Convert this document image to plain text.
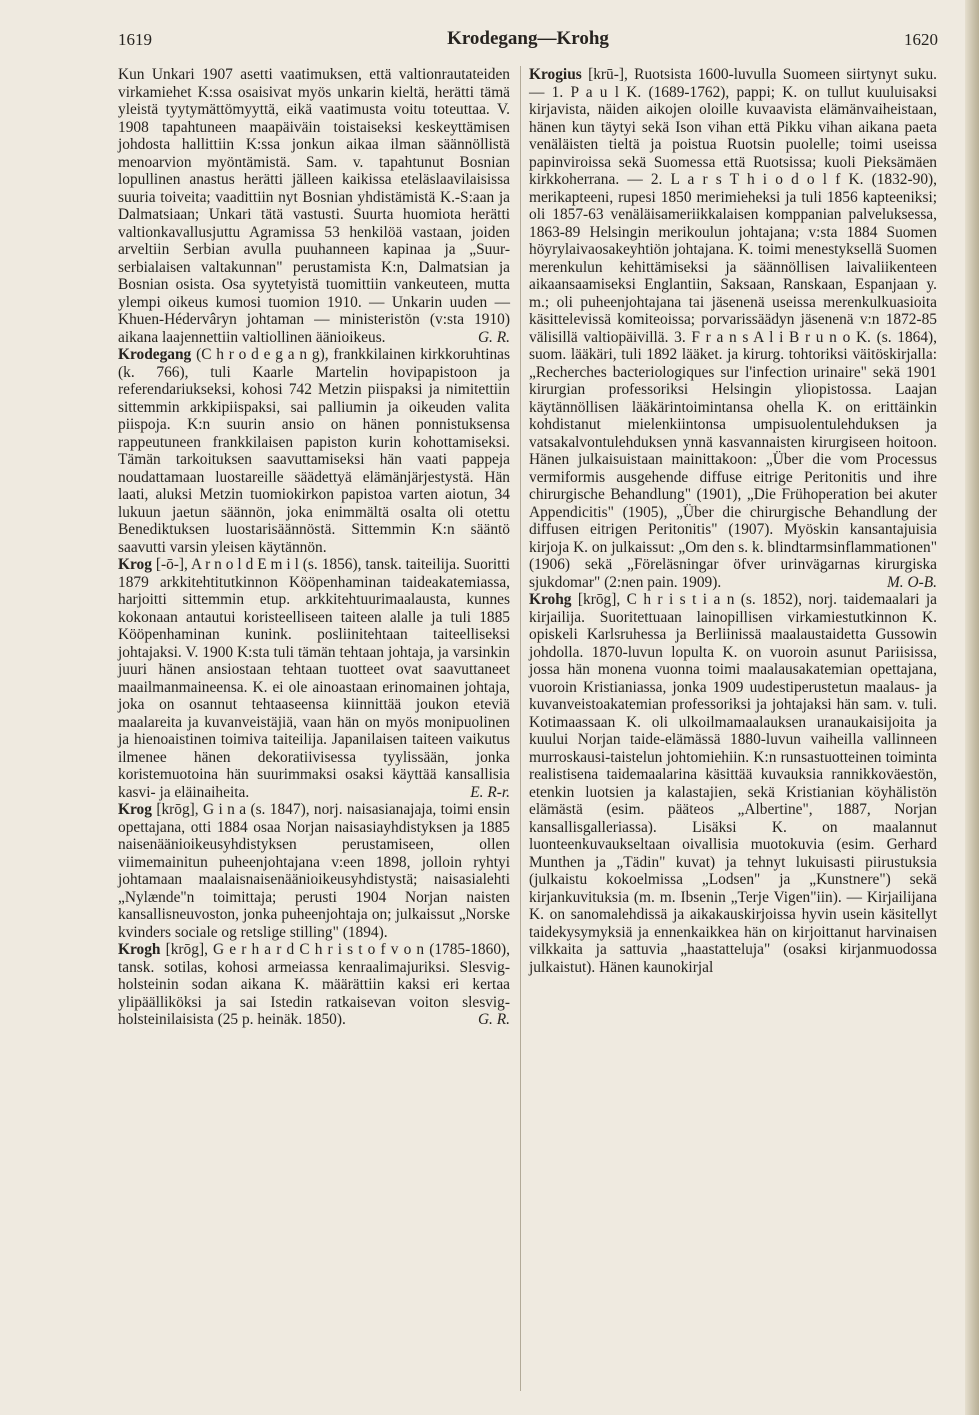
1619	Krodegang—Krohg	1620

Kun Unkari 1907 asetti vaatimuksen, että valtionrautateiden virkamiehet K:ssa osaisivat myös unkarin kieltä, herätti tämä yleistä tyytymättömyyttä, eikä vaatimusta voitu toteuttaa. V. 1908 tapahtuneen maapäiväin toistaiseksi keskeyttämisen johdosta hallittiin K:ssa jonkun aikaa ilman säännöllistä menoarvion myöntämistä. Sam. v. tapahtunut Bosnian lopullinen anastus herätti jälleen kaikissa eteläslaavilaisissa suuria toiveita; vaadittiin nyt Bosnian yhdistämistä K.-S:aan ja Dalmatsiaan; Unkari tätä vastusti. Suurta huomiota herätti valtionkavallusjuttu Agramissa 53 henkilöä vastaan, joiden arveltiin Serbian avulla puuhanneen kapinaa ja „Suur-serbialaisen valtakunnan" perustamista K:n, Dalmatsian ja Bosnian osista. Osa syytetyistä tuomittiin vankeuteen, mutta ylempi oikeus kumosi tuomion 1910. — Unkarin uuden — Khuen-Hédervâryn johtaman — ministeristön (v:sta 1910) aikana laajennettiin valtiollinen äänioikeus.	G. R.

Krodegang (C h r o d e g a n g), frankkilainen kirkkoruhtinas (k. 766), tuli Kaarle Martelin hovipapistoon ja referendariukseksi, kohosi 742 Metzin piispaksi ja nimitettiin sittemmin arkkipiispaksi, sai palliumin ja oikeuden valita piispoja. K:n suurin ansio on hänen ponnistuksensa rappeutuneen frankkilaisen papiston kurin kohottamiseksi. Tämän tarkoituksen saavuttamiseksi hän vaati pappeja noudattamaan luostareille säädettyä elämänjärjestystä. Hän laati, aluksi Metzin tuomiokirkon papistoa varten aiotun, 34 lukuun jaetun säännön, joka enimmältä osalta oli otettu Benediktuksen luostarisäännöstä. Sittemmin K:n sääntö saavutti varsin yleisen käytännön.

Krog [-ō-], A r n o l d E m i l (s. 1856), tansk. taiteilija. Suoritti 1879 arkkitehtitutkinnon Kööpenhaminan taideakatemiassa, harjoitti sittemmin etup. arkkitehtuurimaalausta, kunnes kokonaan antautui koristeelliseen taiteen alalle ja tuli 1885 Kööpenhaminan kunink. posliinitehtaan taiteelliseksi johtajaksi. V. 1900 K:sta tuli tämän tehtaan johtaja, ja varsinkin juuri hänen ansiostaan tehtaan tuotteet ovat saavuttaneet maailmanmaineensa. K. ei ole ainoastaan erinomainen johtaja, joka on osannut tehtaaseensa kiinnittää joukon eteviä maalareita ja kuvanveistäjiä, vaan hän on myös monipuolinen ja hienoaistinen toimiva taiteilija. Japanilaisen taiteen vaikutus ilmenee hänen dekoratiivisessa tyylissään, jonka koristemuotoina hän suurimmaksi osaksi käyttää kansallisia kasvi- ja eläinaiheita.	E. R-r.

Krog [krōg], G i n a (s. 1847), norj. naisasianajaja, toimi ensin opettajana, otti 1884 osaa Norjan naisasiayhdistyksen ja 1885 naisenäänioikeusyhdistyksen perustamiseen, ollen viimemainitun puheenjohtajana v:een 1898, jolloin ryhtyi johtamaan maalaisnaisenäänioikeusyhdistystä; naisasialehti „Nylænde"n toimittaja; perusti 1904 Norjan naisten kansallisneuvoston, jonka puheenjohtaja on; julkaissut „Norske kvinders sociale og retslige stilling" (1894).

Krogh [krōg], G e r h a r d C h r i s t o f v o n (1785-1860), tansk. sotilas, kohosi armeiassa kenraalimajuriksi. Slesvig-holsteinin sodan aikana K. määrättiin kaksi eri kertaa ylipäälliköksi ja sai Istedin ratkaisevan voiton slesvig-holsteinilaisista (25 p. heinäk. 1850).	G. R.

Krogius [krū-], Ruotsista 1600-luvulla Suomeen siirtynyt suku. — 1. P a u l K. (1689-1762), pappi; K. on tullut kuuluisaksi kirjavista, näiden aikojen oloille kuvaavista elämänvaiheistaan, hänen kun täytyi sekä Ison vihan että Pikku vihan aikana paeta venäläisten tieltä ja poistua Ruotsin puolelle; toimi useissa papinviroissa sekä Suomessa että Ruotsissa; kuoli Pieksämäen kirkkoherrana. — 2. L a r s T h i o d o l f K. (1832-90), merikapteeni, rupesi 1850 merimieheksi ja tuli 1856 kapteeniksi; oli 1857-63 venäläisameriikkalaisen komppanian palveluksessa, 1863-89 Helsingin merikoulun johtajana; v:sta 1884 Suomen höyrylaivaosakeyhtiön johtajana. K. toimi menestyksellä Suomen merenkulun kehittämiseksi ja säännöllisen laivaliikenteen aikaansaamiseksi Englantiin, Saksaan, Ranskaan, Espanjaan y. m.; oli puheenjohtajana tai jäsenenä useissa merenkulkuasioita käsittelevissä komiteoissa; porvarissäädyn jäsenenä v:n 1872-85 välisillä valtiopäivillä. 3. F r a n s A l i B r u n o K. (s. 1864), suom. lääkäri, tuli 1892 lääket. ja kirurg. tohtoriksi väitöskirjalla: „Recherches bacteriologiques sur l'infection urinaire" sekä 1901 kirurgian professoriksi Helsingin yliopistossa. Laajan käytännöllisen lääkärintoimintansa ohella K. on erittäinkin kohdistanut mielenkiintonsa umpisuolentulehduksen ja vatsakalvontulehduksen ynnä kasvannaisten kirurgiseen hoitoon. Hänen julkaisuistaan mainittakoon: „Über die vom Processus vermiformis ausgehende diffuse eitrige Peritonitis und ihre chirurgische Behandlung" (1901), „Die Frühoperation bei akuter Appendicitis" (1905), „Über die chirurgische Behandlung der diffusen eitrigen Peritonitis" (1907). Myöskin kansantajuisia kirjoja K. on julkaissut: „Om den s. k. blindtarmsinflammationen" (1906) sekä „Föreläsningar öfver urinvägarnas kirurgiska sjukdomar" (2:nen pain. 1909).	M. O-B.

Krohg [krōg], C h r i s t i a n (s. 1852), norj. taidemaalari ja kirjailija. Suoritettuaan lainopillisen virkamiestutkinnon K. opiskeli Karlsruhessa ja Berliinissä maalaustaidetta Gussowin johdolla. 1870-luvun lopulta K. on vuoroin asunut Pariisissa, jossa hän monena vuonna toimi maalausakatemian opettajana, vuoroin Kristianiassa, jonka 1909 uudestiperustetun maalaus- ja kuvanveistoakatemian professoriksi ja johtajaksi hän sam. v. tuli. Kotimaassaan K. oli ulkoilmamaalauksen uranaukaisijoita ja kuului Norjan taide-elämässä 1880-luvun vaiheilla vallinneen murroskausi-taistelun johtomiehiin. K:n runsastuotteinen toiminta realistisena taidemaalarina käsittää kuvauksia rannikkoväestön, etenkin luotsien ja kalastajien, sekä Kristianian köyhälistön elämästä (esim. pääteos „Albertine", 1887, Norjan kansallisgalleriassa). Lisäksi K. on maalannut luonteenkuvaukseltaan oivallisia muotokuvia (esim. Gerhard Munthen ja „Tädin" kuvat) ja tehnyt lukuisasti piirustuksia (julkaistu kokoelmissa „Lodsen" ja „Kunstnere") sekä kirjankuvituksia (m. m. Ibsenin „Terje Vigen"iin). — Kirjailijana K. on sanomalehdissä ja aikakauskirjoissa hyvin usein käsitellyt taidekysymyksiä ja ennenkaikkea hän on kirjoittanut harvinaisen vilkkaita ja sattuvia „haastatteluja" (osaksi kirjanmuodossa julkaistut). Hänen kaunokirjal
